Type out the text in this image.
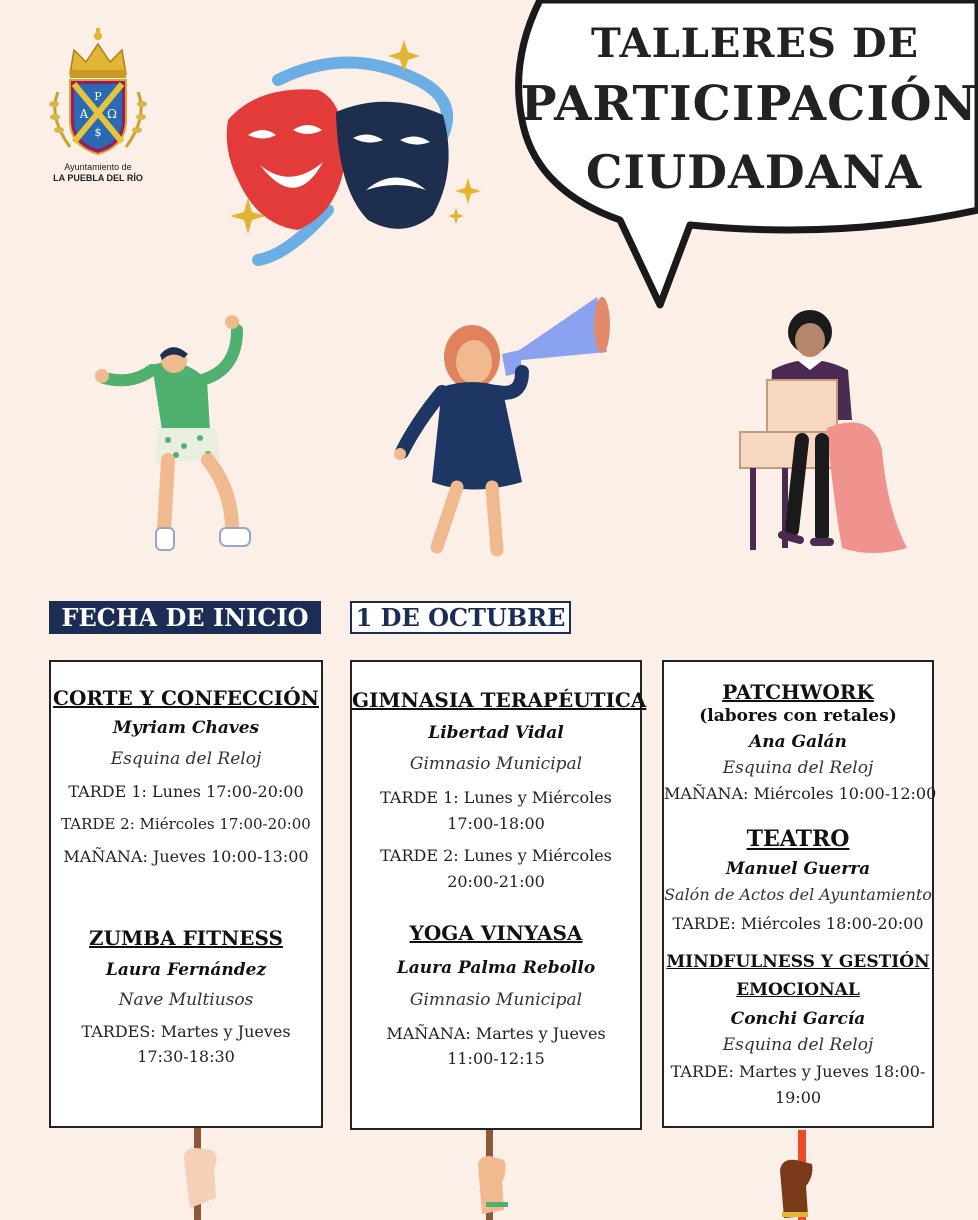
P
A Ω
$
Ayuntamiento de
LA PUEBLA DEL RÍO
TALLERES DE
PARTICIPACIÓN
CIUDADANA
FECHA DE INICIO	1 DE OCTUBRE
CORTE Y CONFECCIÓN
Myriam Chaves
Esquina del Reloj
TARDE 1: Lunes 17:00-20:00
TARDE 2: Miércoles 17:00-20:00
MAÑANA: Jueves 10:00-13:00
ZUMBA FITNESS
Laura Fernández
Nave Multiusos
TARDES: Martes y Jueves
17:30-18:30
GIMNASIA TERAPÉUTICA
Libertad Vidal
Gimnasio Municipal
TARDE 1: Lunes y Miércoles
17:00-18:00
TARDE 2: Lunes y Miércoles
20:00-21:00
YOGA VINYASA
Laura Palma Rebollo
Gimnasio Municipal
MAÑANA: Martes y Jueves
11:00-12:15
PATCHWORK
(labores con retales)
Ana Galán
Esquina del Reloj
MAÑANA: Miércoles 10:00-12:00
TEATRO
Manuel Guerra
Salón de Actos del Ayuntamiento
TARDE: Miércoles 18:00-20:00
MINDFULNESS Y GESTIÓN
EMOCIONAL
Conchi García
Esquina del Reloj
TARDE: Martes y Jueves 18:00-
19:00
